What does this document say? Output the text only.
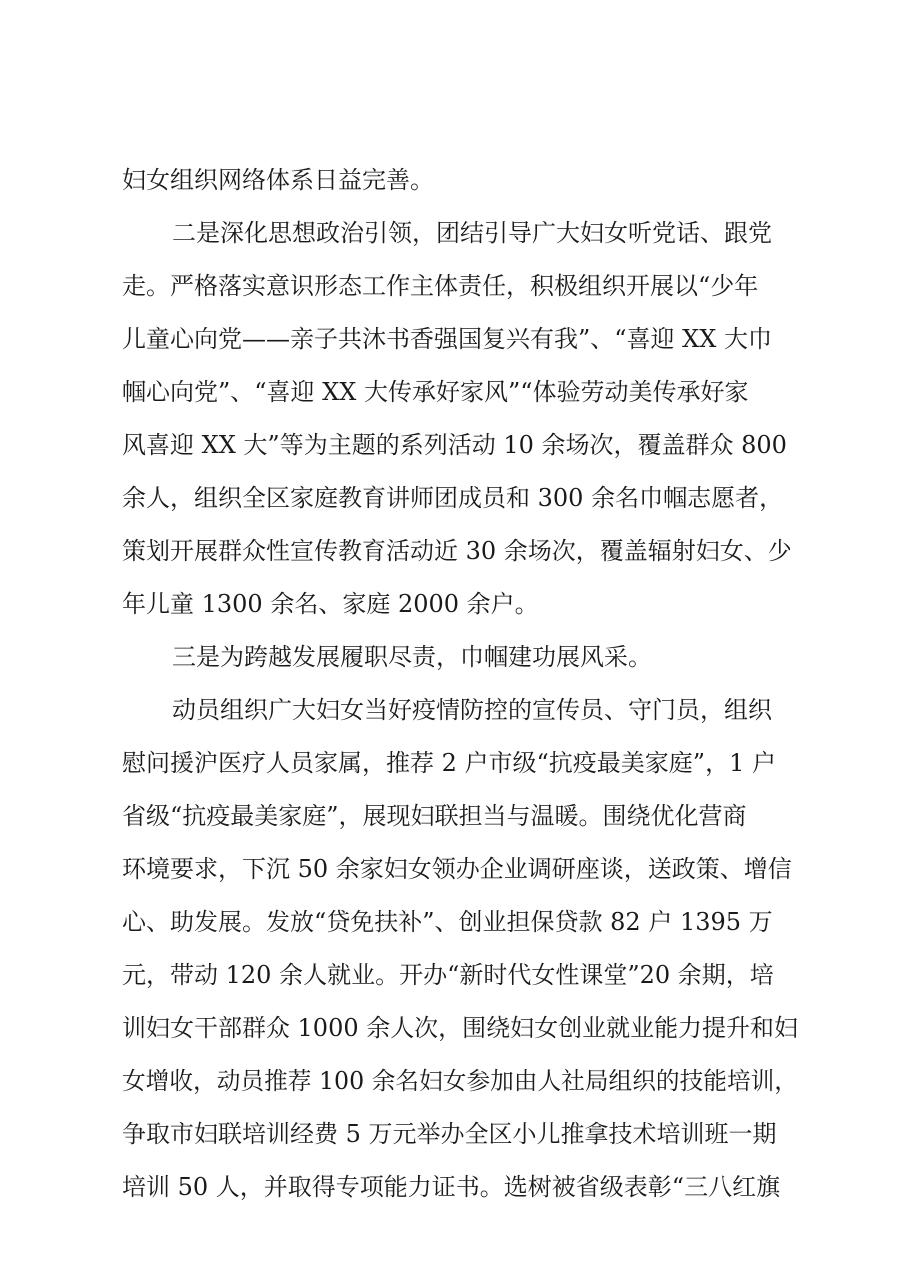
妇女组织网络体系日益完善。
二是深化思想政治引领，团结引导广大妇女听党话、跟党
走。严格落实意识形态工作主体责任，积极组织开展以“少年
儿童心向党——亲子共沐书香强国复兴有我”、“喜迎 XX 大巾
帼心向党”、“喜迎 XX 大传承好家风”“体验劳动美传承好家
风喜迎 XX 大”等为主题的系列活动 10 余场次，覆盖群众 800
余人，组织全区家庭教育讲师团成员和 300 余名巾帼志愿者，
策划开展群众性宣传教育活动近 30 余场次，覆盖辐射妇女、少
年儿童 1300 余名、家庭 2000 余户。
三是为跨越发展履职尽责，巾帼建功展风采。
动员组织广大妇女当好疫情防控的宣传员、守门员，组织
慰问援沪医疗人员家属，推荐 2 户市级“抗疫最美家庭”，1 户
省级“抗疫最美家庭”，展现妇联担当与温暖。围绕优化营商
环境要求，下沉 50 余家妇女领办企业调研座谈，送政策、增信
心、助发展。发放“贷免扶补”、创业担保贷款 82 户 1395 万
元，带动 120 余人就业。开办“新时代女性课堂”20 余期，培
训妇女干部群众 1000 余人次，围绕妇女创业就业能力提升和妇
女增收，动员推荐 100 余名妇女参加由人社局组织的技能培训，
争取市妇联培训经费 5 万元举办全区小儿推拿技术培训班一期
培训 50 人，并取得专项能力证书。选树被省级表彰“三八红旗
